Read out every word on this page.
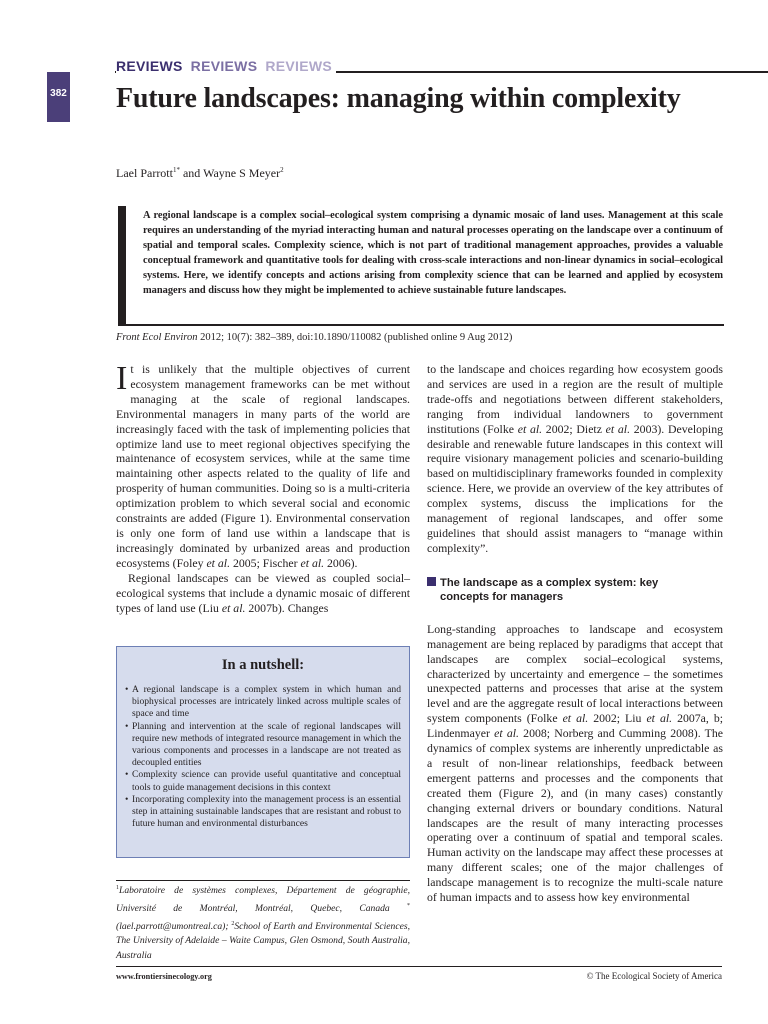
REVIEWS REVIEWS REVIEWS
382 Future landscapes: managing within complexity
Lael Parrott$^{1*}$ and Wayne S Meyer$^2$

A regional landscape is a complex social–ecological system comprising a dynamic mosaic of land uses. Management at this scale requires an understanding of the myriad interacting human and natural processes operating on the landscape over a continuum of spatial and temporal scales. Complexity science, which is not part of traditional management approaches, provides a valuable conceptual framework and quantitative tools for dealing with cross-scale interactions and non-linear dynamics in social–ecological systems. Here, we identify concepts and actions arising from complexity science that can be learned and applied by ecosystem managers and discuss how they might be implemented to achieve sustainable future landscapes.

Front Ecol Environ 2012; 10(7): 382–389, doi:10.1890/110082 (published online 9 Aug 2012)

It is unlikely that the multiple objectives of current ecosystem management frameworks can be met without managing at the scale of regional landscapes. Environmental managers in many parts of the world are increasingly faced with the task of implementing policies that optimize land use to meet regional objectives specifying the maintenance of ecosystem services, while at the same time maintaining other aspects related to the quality of life and prosperity of human communities. Doing so is a multi-criteria optimization problem to which several social and economic constraints are added (Figure 1). Environmental conservation is only one form of land use within a landscape that is increasingly dominated by urbanized areas and production ecosystems (Foley et al. 2005; Fischer et al. 2006).

Regional landscapes can be viewed as coupled social–ecological systems that include a dynamic mosaic of different types of land use (Liu et al. 2007b). Changes

In a nutshell:

• A regional landscape is a complex system in which human and biophysical processes are intricately linked across multiple scales of space and time
• Planning and intervention at the scale of regional landscapes will require new methods of integrated resource management in which the various components and processes in a landscape are not treated as decoupled entities
• Complexity science can provide useful quantitative and conceptual tools to guide management decisions in this context
• Incorporating complexity into the management process is an essential step in attaining sustainable landscapes that are resistant and robust to future human and environmental disturbances
$^1$Laboratoire de systèmes complexes, Département de géographie, Université de Montréal, Montréal, Quebec, Canada *(lael.parrott@umontreal.ca); $^2$School of Earth and Environmental Sciences, The University of Adelaide – Waite Campus, Glen Osmond, South Australia, Australia

to the landscape and choices regarding how ecosystem goods and services are used in a region are the result of multiple trade-offs and negotiations between different stakeholders, ranging from individual landowners to government institutions (Folke et al. 2002; Dietz et al. 2003). Developing desirable and renewable future landscapes in this context will require visionary management policies and scenario-building based on multidisciplinary frameworks founded in complexity science. Here, we provide an overview of the key attributes of complex systems, discuss the implications for the management of regional landscapes, and offer some guidelines that should assist managers to “manage within complexity”.

The landscape as a complex system: key
concepts for managers

Long-standing approaches to landscape and ecosystem management are being replaced by paradigms that accept that landscapes are complex social–ecological systems, characterized by uncertainty and emergence – the sometimes unexpected patterns and processes that arise at the system level and are the aggregate result of local interactions between system components (Folke et al. 2002; Liu et al. 2007a, b; Lindenmayer et al. 2008; Norberg and Cumming 2008). The dynamics of complex systems are inherently unpredictable as a result of non-linear relationships, feedback between emergent patterns and processes and the components that created them (Figure 2), and (in many cases) constantly changing external drivers or boundary conditions. Natural landscapes are the result of many interacting processes operating over a continuum of spatial and temporal scales. Human activity on the landscape may affect these processes at many different scales; one of the major challenges of landscape management is to recognize the multi-scale nature of human impacts and to assess how key environmental

www.frontiersinecology.org	© The Ecological Society of America
